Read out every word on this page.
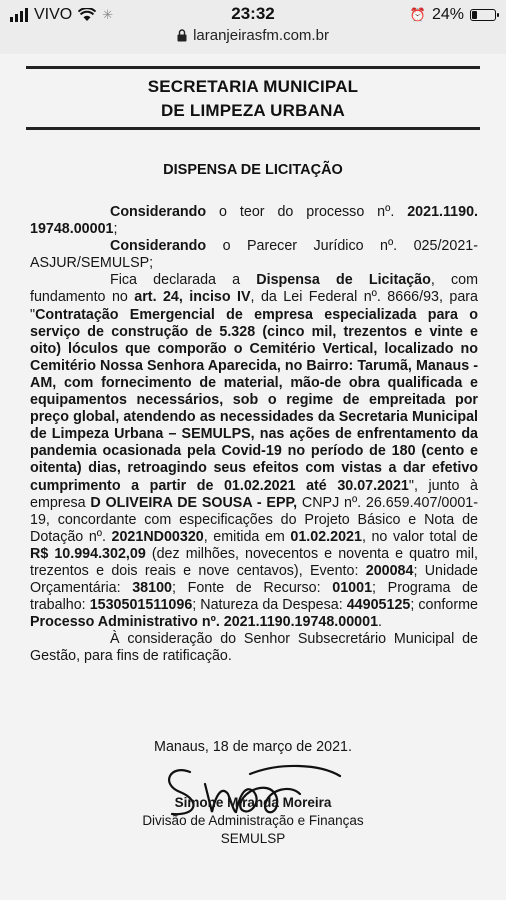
VIVO ✳	23:32	⏰ 24%
laranjeirasfm.com.br
SECRETARIA MUNICIPAL
DE LIMPEZA URBANA
DISPENSA DE LICITAÇÃO

Considerando o teor do processo nº. 2021.1190. 19748.00001;

Considerando o Parecer Jurídico nº. 025/2021-ASJUR/SEMULSP;

Fica declarada a Dispensa de Licitação, com fundamento no art. 24, inciso IV, da Lei Federal nº. 8666/93, para "Contratação Emergencial de empresa especializada para o serviço de construção de 5.328 (cinco mil, trezentos e vinte e oito) lóculos que comporão o Cemitério Vertical, localizado no Cemitério Nossa Senhora Aparecida, no Bairro: Tarumã, Manaus - AM, com fornecimento de material, mão-de obra qualificada e equipamentos necessários, sob o regime de empreitada por preço global, atendendo as necessidades da Secretaria Municipal de Limpeza Urbana – SEMULPS, nas ações de enfrentamento da pandemia ocasionada pela Covid-19 no período de 180 (cento e oitenta) dias, retroagindo seus efeitos com vistas a dar efetivo cumprimento a partir de 01.02.2021 até 30.07.2021", junto à empresa D OLIVEIRA DE SOUSA - EPP, CNPJ nº. 26.659.407/0001-19, concordante com especificações do Projeto Básico e Nota de Dotação nº. 2021ND00320, emitida em 01.02.2021, no valor total de R$ 10.994.302,09 (dez milhões, novecentos e noventa e quatro mil, trezentos e dois reais e nove centavos), Evento: 200084; Unidade Orçamentária: 38100; Fonte de Recurso: 01001; Programa de trabalho: 1530501511096; Natureza da Despesa: 44905125; conforme Processo Administrativo nº. 2021.1190.19748.00001.

À consideração do Senhor Subsecretário Municipal de Gestão, para fins de ratificação.

Manaus, 18 de março de 2021.
Simone Miranda Moreira
Divisão de Administração e Finanças
SEMULSP
